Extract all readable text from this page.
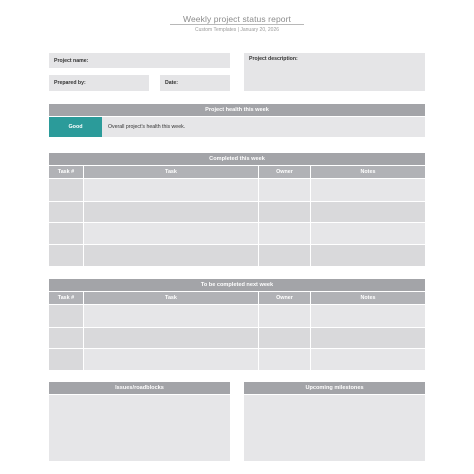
Weekly project status report
Custom Templates | January 20, 2026
Project name:
Prepared by:	Date:
Project description:
Project health this week
Good	Overall project's health this week.
Completed this week
Task #	Task	Owner	Notes
To be completed next week
Task #	Task	Owner	Notes
Issues/roadblocks	Upcoming milestones
